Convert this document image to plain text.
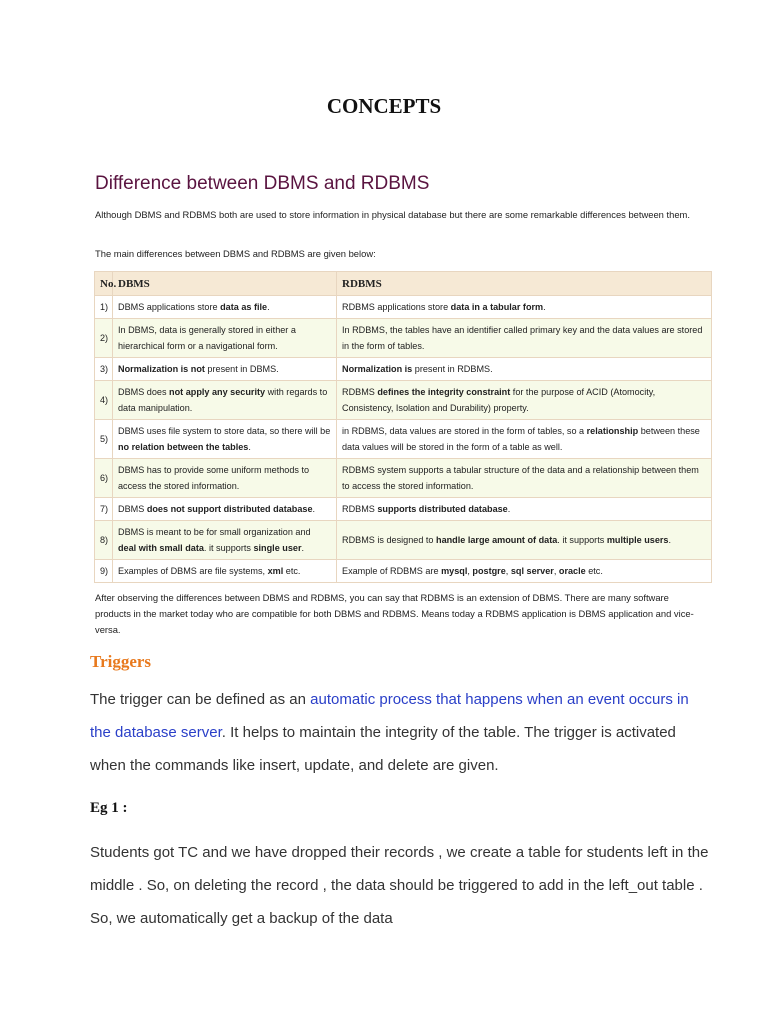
CONCEPTS
Difference between DBMS and RDBMS
Although DBMS and RDBMS both are used to store information in physical database but there are some remarkable differences between them.
The main differences between DBMS and RDBMS are given below:
No.	DBMS	RDBMS
1)	DBMS applications store data as file.	RDBMS applications store data in a tabular form.
2)	In DBMS, data is generally stored in either a hierarchical form or a navigational form.	In RDBMS, the tables have an identifier called primary key and the data values are stored in the form of tables.
3)	Normalization is not present in DBMS.	Normalization is present in RDBMS.
4)	DBMS does not apply any security with regards to data manipulation.	RDBMS defines the integrity constraint for the purpose of ACID (Atomocity, Consistency, Isolation and Durability) property.
5)	DBMS uses file system to store data, so there will be no relation between the tables.	in RDBMS, data values are stored in the form of tables, so a relationship between these data values will be stored in the form of a table as well.
6)	DBMS has to provide some uniform methods to access the stored information.	RDBMS system supports a tabular structure of the data and a relationship between them to access the stored information.
7)	DBMS does not support distributed database.	RDBMS supports distributed database.
8)	DBMS is meant to be for small organization and deal with small data. it supports single user.	RDBMS is designed to handle large amount of data. it supports multiple users.
9)	Examples of DBMS are file systems, xml etc.	Example of RDBMS are mysql, postgre, sql server, oracle etc.
After observing the differences between DBMS and RDBMS, you can say that RDBMS is an extension of DBMS. There are many software products in the market today who are compatible for both DBMS and RDBMS. Means today a RDBMS application is DBMS application and vice-versa.
Triggers
The trigger can be defined as an automatic process that happens when an event occurs in the database server. It helps to maintain the integrity of the table. The trigger is activated when the commands like insert, update, and delete are given.
Eg 1 :
Students got TC and we have dropped their records , we create a table for students left in the middle . So, on deleting the record , the data should be triggered to add in the left_out table . So, we automatically get a backup of the data
